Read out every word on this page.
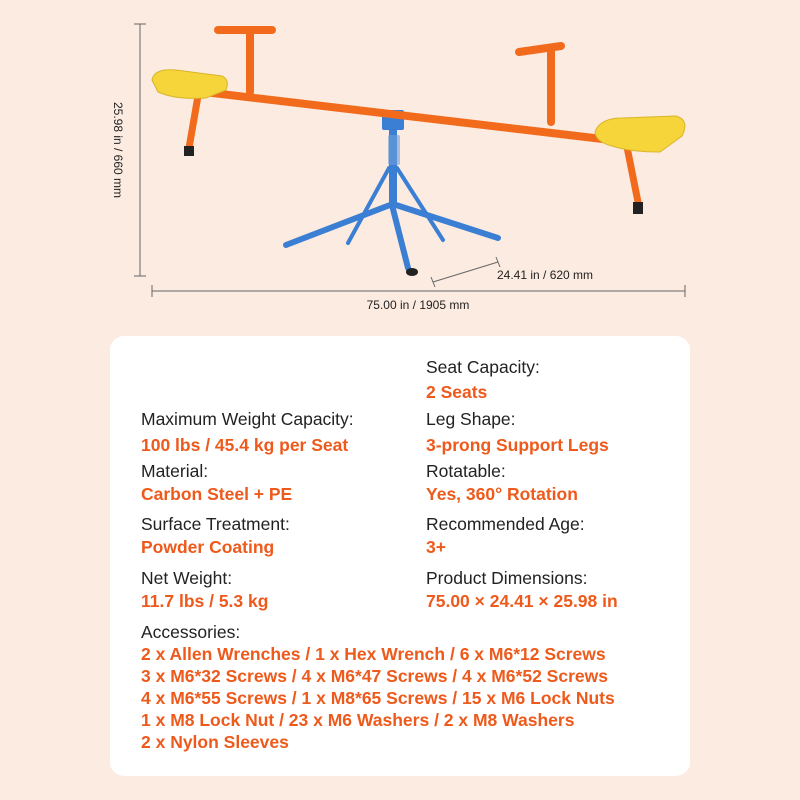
25.98 in / 660 mm
75.00 in / 1905 mm
24.41 in / 620 mm
Seat Capacity:
2 Seats
Maximum Weight Capacity:
100 lbs / 45.4 kg per Seat
Leg Shape:
3-prong Support Legs
Material:
Carbon Steel + PE
Rotatable:
Yes, 360° Rotation
Surface Treatment:
Powder Coating
Recommended Age:
3+
Net Weight:
11.7 lbs / 5.3 kg
Product Dimensions:
75.00 × 24.41 × 25.98 in
Accessories:
2 x Allen Wrenches / 1 x Hex Wrench / 6 x M6*12 Screws
3 x M6*32 Screws / 4 x M6*47 Screws / 4 x M6*52 Screws
4 x M6*55 Screws / 1 x M8*65 Screws / 15 x M6 Lock Nuts
1 x M8 Lock Nut / 23 x M6 Washers / 2 x M8 Washers
2 x Nylon Sleeves
